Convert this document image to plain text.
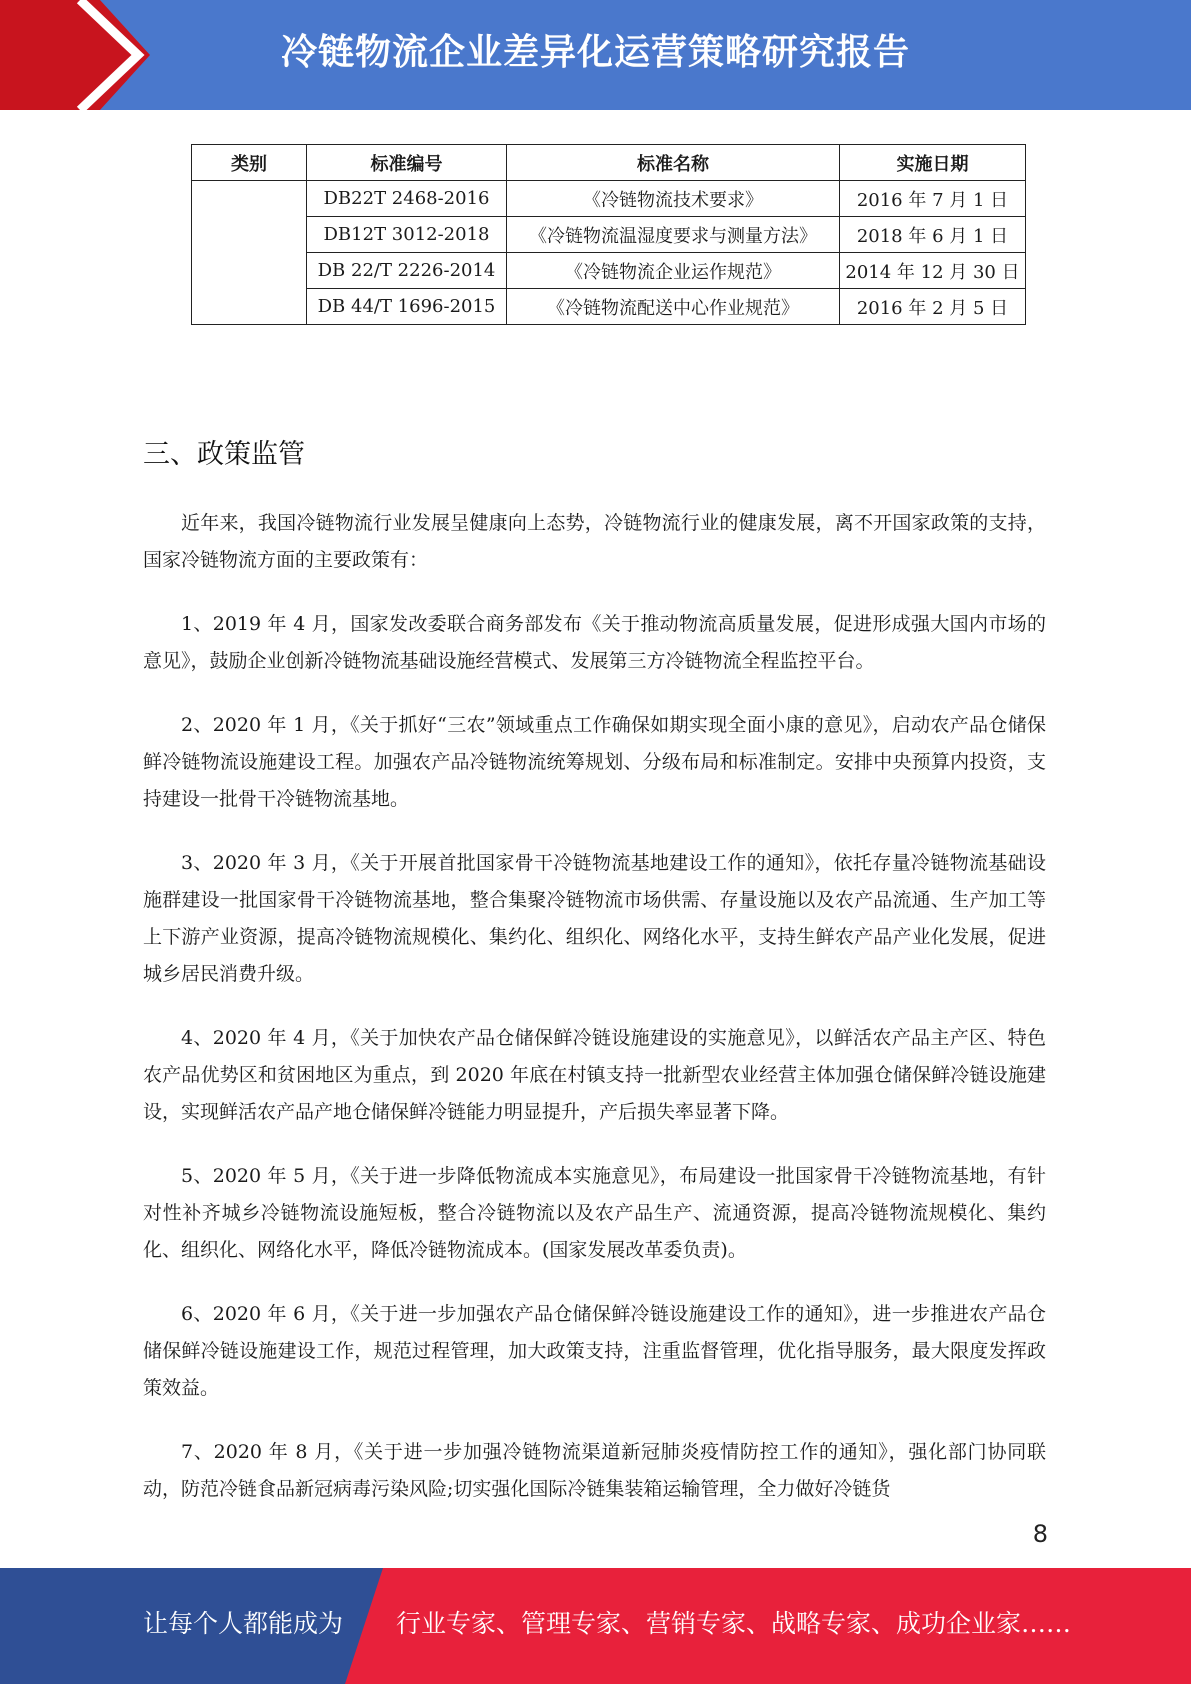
冷链物流企业差异化运营策略研究报告
类别	标准编号	标准名称	实施日期
	DB22T 2468-2016	《冷链物流技术要求》	2016 年 7 月 1 日
	DB12T 3012-2018	《冷链物流温湿度要求与测量方法》	2018 年 6 月 1 日
	DB 22/T 2226-2014	《冷链物流企业运作规范》	2014 年 12 月 30 日
	DB 44/T 1696-2015	《冷链物流配送中心作业规范》	2016 年 2 月 5 日
三、政策监管

近年来，我国冷链物流行业发展呈健康向上态势，冷链物流行业的健康发展，离不开国家政策的支持，国家冷链物流方面的主要政策有：

1、2019 年 4 月，国家发改委联合商务部发布《关于推动物流高质量发展，促进形成强大国内市场的意见》，鼓励企业创新冷链物流基础设施经营模式、发展第三方冷链物流全程监控平台。

2、2020 年 1 月，《关于抓好“三农”领域重点工作确保如期实现全面小康的意见》，启动农产品仓储保鲜冷链物流设施建设工程。加强农产品冷链物流统筹规划、分级布局和标准制定。安排中央预算内投资，支持建设一批骨干冷链物流基地。

3、2020 年 3 月，《关于开展首批国家骨干冷链物流基地建设工作的通知》，依托存量冷链物流基础设施群建设一批国家骨干冷链物流基地，整合集聚冷链物流市场供需、存量设施以及农产品流通、生产加工等上下游产业资源，提高冷链物流规模化、集约化、组织化、网络化水平，支持生鲜农产品产业化发展，促进城乡居民消费升级。

4、2020 年 4 月，《关于加快农产品仓储保鲜冷链设施建设的实施意见》，以鲜活农产品主产区、特色农产品优势区和贫困地区为重点，到 2020 年底在村镇支持一批新型农业经营主体加强仓储保鲜冷链设施建设，实现鲜活农产品产地仓储保鲜冷链能力明显提升，产后损失率显著下降。

5、2020 年 5 月，《关于进一步降低物流成本实施意见》，布局建设一批国家骨干冷链物流基地，有针对性补齐城乡冷链物流设施短板，整合冷链物流以及农产品生产、流通资源，提高冷链物流规模化、集约化、组织化、网络化水平，降低冷链物流成本。(国家发展改革委负责)。

6、2020 年 6 月，《关于进一步加强农产品仓储保鲜冷链设施建设工作的通知》，进一步推进农产品仓储保鲜冷链设施建设工作，规范过程管理，加大政策支持，注重监督管理，优化指导服务，最大限度发挥政策效益。

7、2020 年 8 月，《关于进一步加强冷链物流渠道新冠肺炎疫情防控工作的通知》，强化部门协同联动，防范冷链食品新冠病毒污染风险;切实强化国际冷链集装箱运输管理，全力做好冷链货

8
让每个人都能成为 行业专家、管理专家、营销专家、战略专家、成功企业家……
